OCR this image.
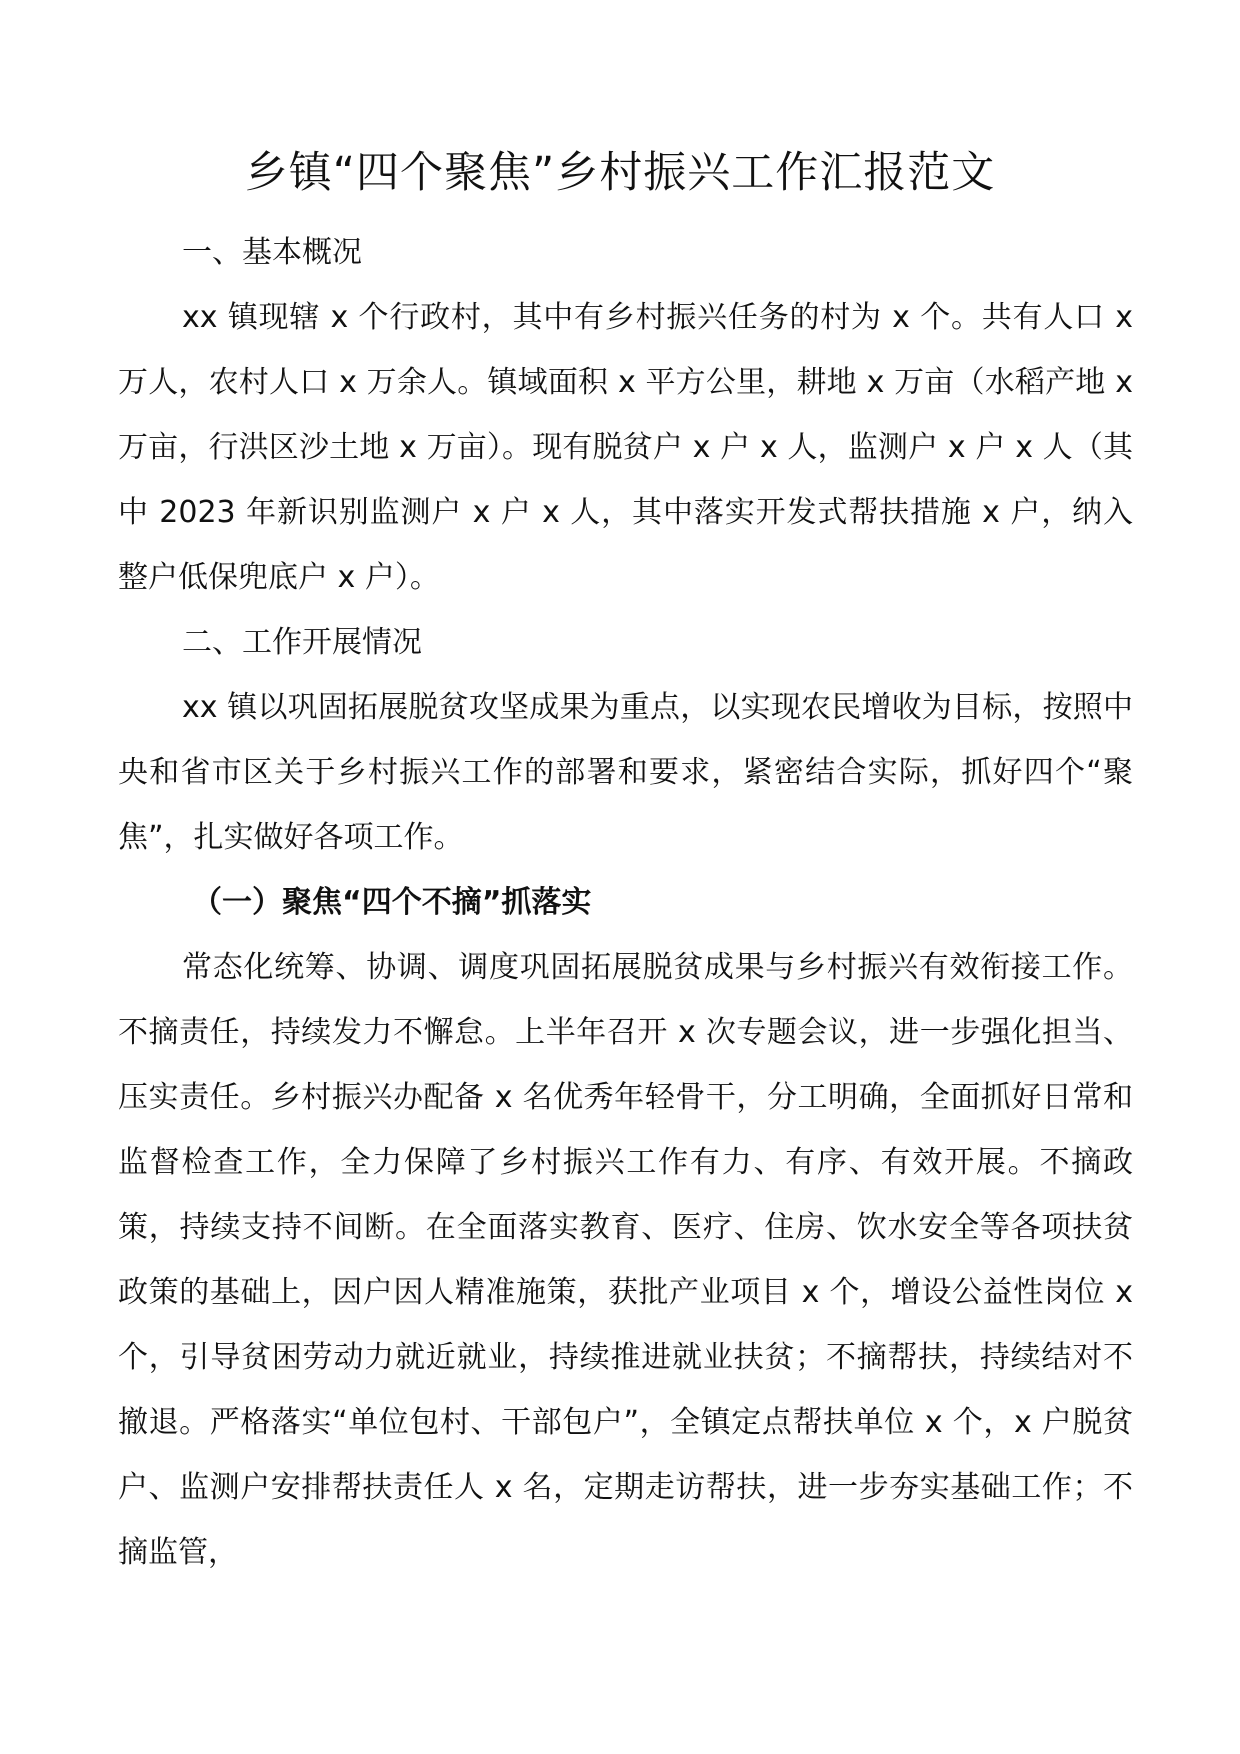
乡镇“四个聚焦”乡村振兴工作汇报范文

一、基本概况

xx 镇现辖 x 个行政村，其中有乡村振兴任务的村为 x 个。共有人口 x 万人，农村人口 x 万余人。镇域面积 x 平方公里，耕地 x 万亩（水稻产地 x 万亩，行洪区沙土地 x 万亩）。现有脱贫户 x 户 x 人，监测户 x 户 x 人（其中 2023 年新识别监测户 x 户 x 人，其中落实开发式帮扶措施 x 户，纳入整户低保兜底户 x 户）。

二、工作开展情况

xx 镇以巩固拓展脱贫攻坚成果为重点，以实现农民增收为目标，按照中央和省市区关于乡村振兴工作的部署和要求，紧密结合实际，抓好四个“聚焦”，扎实做好各项工作。

（一）聚焦“四个不摘”抓落实

常态化统筹、协调、调度巩固拓展脱贫成果与乡村振兴有效衔接工作。不摘责任，持续发力不懈怠。上半年召开 x 次专题会议，进一步强化担当、压实责任。乡村振兴办配备 x 名优秀年轻骨干，分工明确，全面抓好日常和监督检查工作，全力保障了乡村振兴工作有力、有序、有效开展。不摘政策，持续支持不间断。在全面落实教育、医疗、住房、饮水安全等各项扶贫政策的基础上，因户因人精准施策，获批产业项目 x 个，增设公益性岗位 x 个，引导贫困劳动力就近就业，持续推进就业扶贫；不摘帮扶，持续结对不撤退。严格落实“单位包村、干部包户”，全镇定点帮扶单位 x 个，x 户脱贫户、监测户安排帮扶责任人 x 名，定期走访帮扶，进一步夯实基础工作；不摘监管，
